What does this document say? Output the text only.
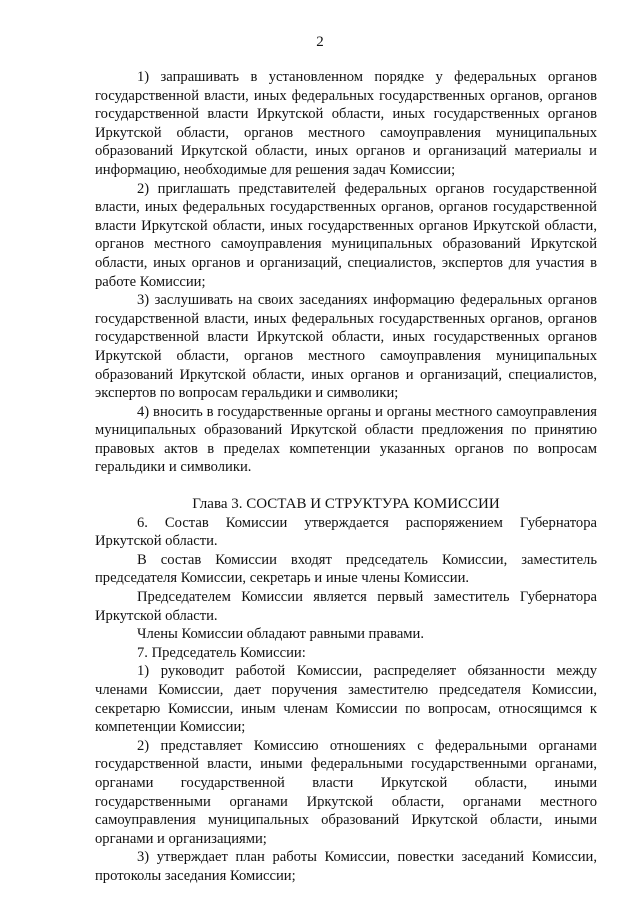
2

1) запрашивать в установленном порядке у федеральных органов государственной власти, иных федеральных государственных органов, органов государственной власти Иркутской области, иных государственных органов Иркутской области, органов местного самоуправления муниципальных образований Иркутской области, иных органов и организаций материалы и информацию, необходимые для решения задач Комиссии;

2) приглашать представителей федеральных органов государственной власти, иных федеральных государственных органов, органов государственной власти Иркутской области, иных государственных органов Иркутской области, органов местного самоуправления муниципальных образований Иркутской области, иных органов и организаций, специалистов, экспертов для участия в работе Комиссии;

3) заслушивать на своих заседаниях информацию федеральных органов государственной власти, иных федеральных государственных органов, органов государственной власти Иркутской области, иных государственных органов Иркутской области, органов местного самоуправления муниципальных образований Иркутской области, иных органов и организаций, специалистов, экспертов по вопросам геральдики и символики;

4) вносить в государственные органы и органы местного самоуправления муниципальных образований Иркутской области предложения по принятию правовых актов в пределах компетенции указанных органов по вопросам геральдики и символики.

Глава 3. СОСТАВ И СТРУКТУРА КОМИССИИ

6. Состав Комиссии утверждается распоряжением Губернатора Иркутской области.

В состав Комиссии входят председатель Комиссии, заместитель председателя Комиссии, секретарь и иные члены Комиссии.

Председателем Комиссии является первый заместитель Губернатора Иркутской области.

Члены Комиссии обладают равными правами.

7. Председатель Комиссии:

1) руководит работой Комиссии, распределяет обязанности между членами Комиссии, дает поручения заместителю председателя Комиссии, секретарю Комиссии, иным членам Комиссии по вопросам, относящимся к компетенции Комиссии;

2) представляет Комиссию отношениях с федеральными органами государственной власти, иными федеральными государственными органами, органами государственной власти Иркутской области, иными государственными органами Иркутской области, органами местного самоуправления муниципальных образований Иркутской области, иными органами и организациями;

3) утверждает план работы Комиссии, повестки заседаний Комиссии, протоколы заседания Комиссии;
